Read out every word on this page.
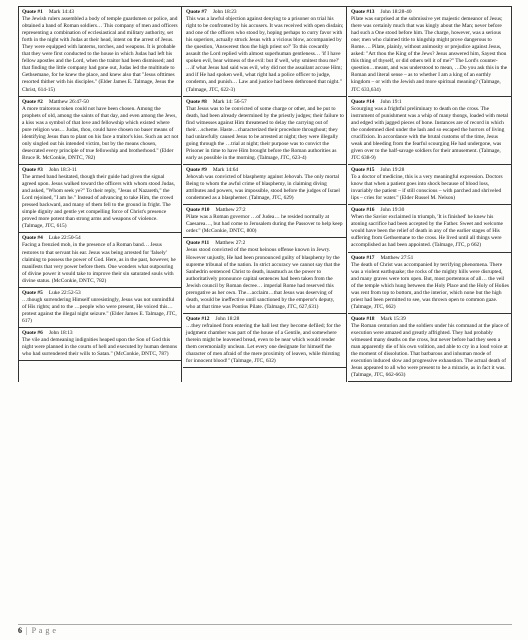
Quote #1 Mark 14:43
The Jewish rulers assembled a body of temple guardsmen or police, and obtained a band of Roman soldiers… This company of men and officers representing a combination of ecclesiastical and military authority, set forth in the night with Judas at their head, intent on the arrest of Jesus. They were equipped with lanterns, torches, and weapons. It is probable that they were first conducted to the house in which Judas had left his fellow apostles and the Lord, when the traitor had been dismissed; and that finding the little company had gone out, Judas led the multitude to Gethsemane, for he knew the place, and knew also that "Jesus ofttimes resorted thither with his disciples." (Elder James E. Talmage, Jesus the Christ, 614-15)
Quote #2 Matthew 26:47-50
A more traitorous token could not have been chosen. Among the prophets of old, among the saints of that day, and even among the Jews, a kiss was a symbol of that love and fellowship which existed where pure religion was… Judas, thou, could have chosen no baser means of identifying Jesus than to plant on his face a traitor's kiss. Such an act not only singled out his intended victim, but by the means chosen, desecrated every principle of true fellowship and brotherhood." (Elder Bruce R. McConkie, DNTC, 782)
Quote #3 John 18:3-11
The armed band hesitated, though their guide had given the signal agreed upon. Jesus walked toward the officers with whom stood Judas, and asked, "Whom seek ye?" To their reply, "Jesus of Nazareth," the Lord rejoined, "I am he." Instead of advancing to take Him, the crowd pressed backward, and many of them fell to the ground in fright. The simple dignity and gentle yet compelling force of Christ's presence proved more potent than strong arms and weapons of violence. (Talmage, JTC, 615)
Quote #4 Luke 22:50-54
Facing a frenzied mob, in the presence of a Roman band… Jesus restores to that servant his ear. Jesus was being arrested for 'falsely' claiming to possess the power of God. Here, as in the past, however, he manifests that very power before them. One wonders what outpouring of divine power it would take to improve their sin saturated souls with divine status. (McConkie, DNTC, 782)
Quote #5 Luke 22:52-53
…though surrendering Himself unresistingly, Jesus was not unmindful of His rights; and to the …people who were present, He voiced this… protest against the illegal night seizure." (Elder James E. Talmage, JTC, 617)
Quote #6 John 18:13
The vile and demeaning indignities heaped upon the Son of God this night were planned in the courts of hell and executed by human demons who had surrendered their wills to Satan." (McConkie, DNTC, 787)
Quote #7 John 18:23
This was a lawful objection against denying to a prisoner on trial his right to be confronted by his accusers. It was received with open disdain; and one of the officers who stood by, hoping perhaps to curry favor with his superiors, actually struck Jesus with a vicious blow, accompanied by the question, 'Answerest thou the high priest so?' To this cowardly assault the Lord replied with almost superhuman gentleness… 'if I have spoken evil, bear witness of the evil: but if well, why smitest thou me?' …if what Jesus had said was evil, why did not the assailant accuse Him; and if He had spoken well, what right had a police officer to judge, condemn, and punish… Law and justice had been dethroned that night." (Talmage, JTC, 622-3)
Quote #8 Mark 14: 56-57
That Jesus was to be convicted of some charge or other, and be put to death, had been already determined by the priestly judges; their failure to find witnesses against Him threatened to delay the carrying out of their…scheme. Haste…characterized their procedure throughout; they had unlawfully caused Jesus to be arrested at night; they were illegally going through the …trial at night; their purpose was to convict the Prisoner in time to have Him brought before the Roman authorities as early as possible in the morning. (Talmage, JTC, 623-4)
Quote #9 Mark 14:64
Jehovah was convicted of blasphemy against Jehovah. The only mortal Being to whom the awful crime of blasphemy, in claiming diving attributes and powers, was impossible, stood before the judges of Israel condemned as a blasphemer. (Talmage, JTC, 629)
Quote #10 Matthew 27:2
Pilate was a Roman governor …of Judea… he resided normally at Caesarea…, but had come to Jerusalem during the Passover to help keep order." (McConkie, DNTC, 800)
Quote #11 Matthew 27:2
Jesus stood convicted of the most heinous offense known in Jewry. However unjustly, He had been pronounced guilty of blasphemy by the supreme tribunal of the nation. In strict accuracy we cannot say that the Sanhedrin sentenced Christ to death, inasmuch as the power to authoritatively pronounce capital sentences had been taken from the Jewish council by Roman decree… imperial Rome had reserved this prerogative as her own. The…acclaim…that Jesus was deserving of death, would be ineffective until sanctioned by the emperor's deputy, who at that time was Pontius Pilate. (Talmage, JTC, 627,631)
Quote #12 John 18:28
…they refrained from entering the hall lest they become defiled; for the judgment chamber was part of the house of a Gentile, and somewhere therein might be leavened bread, even to be near which would render them ceremonially unclean. Let every one designate for himself the character of men afraid of the mere proximity of leaven, while thirsting for innocent blood!" (Talmage, JTC, 632)
Quote #13 John 18:28-40
Pilate was surprised at the submissive yet majestic demeanor of Jesus; there was certainly much that was kingly about the Man; never before had such a One stood before him. The charge, however, was a serious one; men who claimed title to kingship might prove dangerous to Rome…. Pilate, plainly, without animosity or prejudice against Jesus, asked: "Art thou the King of the Jews? Jesus answered him, Sayest thou this thing of thyself, or did others tell it of me?" The Lord's counter-question…meant, and was understood to mean, …Do you ask this in the Roman and literal sense – as to whether I am a king of an earthly kingdom – or with the Jewish and more spiritual meaning? (Talmage, JTC 633,634)
Quote #14 John 19:1
Scourging was a frightful preliminary to death on the cross. The instrument of punishment was a whip of many thongs, loaded with metal and edged with jagged pieces of bone. Instances are of record in which the condemned died under the lash and so escaped the horrors of living crucifixion. In accordance with the brutal customs of the time, Jesus weak and bleeding from the fearful scourging He had undergone, was given over to the half-savage soldiers for their amusement. (Talmage, JTC 638-9)
Quote #15 John 19:28
To a doctor of medicine, this is a very meaningful expression. Doctors know that when a patient goes into shock because of blood loss, invariably the patient – if still conscious – with parched and shriveled lips – cries for water." (Elder Russel M. Nelson)
Quote #16 John 19:30
When the Savior exclaimed in triumph, 'It is finished' he knew his atoning sacrifice had been accepted by the Father. Sweet and welcome would have been the relief of death in any of the earlier stages of His suffering from Gethsemane to the cross. He lived until all things were accomplished as had been appointed. (Talmage, JTC, p 662)
Quote #17 Matthew 27:51
The death of Christ was accompanied by terrifying phenomena. There was a violent earthquake; the rocks of the mighty hills were disrupted, and many graves were torn open. But, most portentous of all… the veil of the temple which hung between the Holy Place and the Holy of Holies was rent from top to bottom, and the interior, which none but the high priest had been permitted to see, was thrown open to common gaze. (Talmage, JTC, 662)
Quote #18 Mark 15:39
The Roman centurion and the soldiers under his command at the place of execution were amazed and greatly affrighted. They had probably witnessed many deaths on the cross, but never before had they seen a man apparently die of his own volition, and able to cry in a loud voice at the moment of dissolution. That barbarous and inhuman mode of execution induced slow and progressive exhaustion. The actual death of Jesus appeared to all who were present to be a miracle, as in fact it was. (Talmage, JTC, 662-663)
6 | P a g e
